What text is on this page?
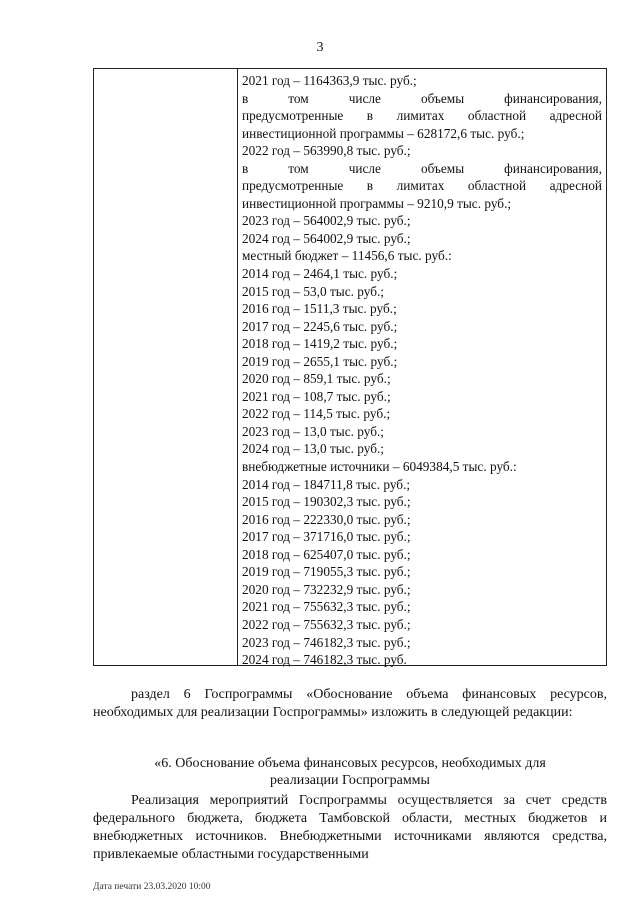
3
2021 год – 1164363,9 тыс. руб.;
в том числе объемы финансирования,
предусмотренные в лимитах областной адресной
инвестиционной программы – 628172,6 тыс. руб.;
2022 год – 563990,8 тыс. руб.;
в том числе объемы финансирования,
предусмотренные в лимитах областной адресной
инвестиционной программы – 9210,9 тыс. руб.;
2023 год – 564002,9 тыс. руб.;
2024 год – 564002,9 тыс. руб.;
местный бюджет – 11456,6 тыс. руб.:
2014 год – 2464,1 тыс. руб.;
2015 год – 53,0 тыс. руб.;
2016 год – 1511,3 тыс. руб.;
2017 год – 2245,6 тыс. руб.;
2018 год – 1419,2 тыс. руб.;
2019 год – 2655,1 тыс. руб.;
2020 год – 859,1 тыс. руб.;
2021 год – 108,7 тыс. руб.;
2022 год – 114,5 тыс. руб.;
2023 год – 13,0 тыс. руб.;
2024 год – 13,0 тыс. руб.;
внебюджетные источники – 6049384,5 тыс. руб.:
2014 год – 184711,8 тыс. руб.;
2015 год – 190302,3 тыс. руб.;
2016 год – 222330,0 тыс. руб.;
2017 год – 371716,0 тыс. руб.;
2018 год – 625407,0 тыс. руб.;
2019 год – 719055,3 тыс. руб.;
2020 год – 732232,9 тыс. руб.;
2021 год – 755632,3 тыс. руб.;
2022 год – 755632,3 тыс. руб.;
2023 год – 746182,3 тыс. руб.;
2024 год – 746182,3 тыс. руб.
раздел 6 Госпрограммы «Обоснование объема финансовых ресурсов, необходимых для реализации Госпрограммы» изложить в следующей редакции:
«6. Обоснование объема финансовых ресурсов, необходимых для
реализации Госпрограммы
Реализация мероприятий Госпрограммы осуществляется за счет средств федерального бюджета, бюджета Тамбовской области, местных бюджетов и внебюджетных источников. Внебюджетными источниками являются средства, привлекаемые областными государственными
Дата печати 23.03.2020 10:00
